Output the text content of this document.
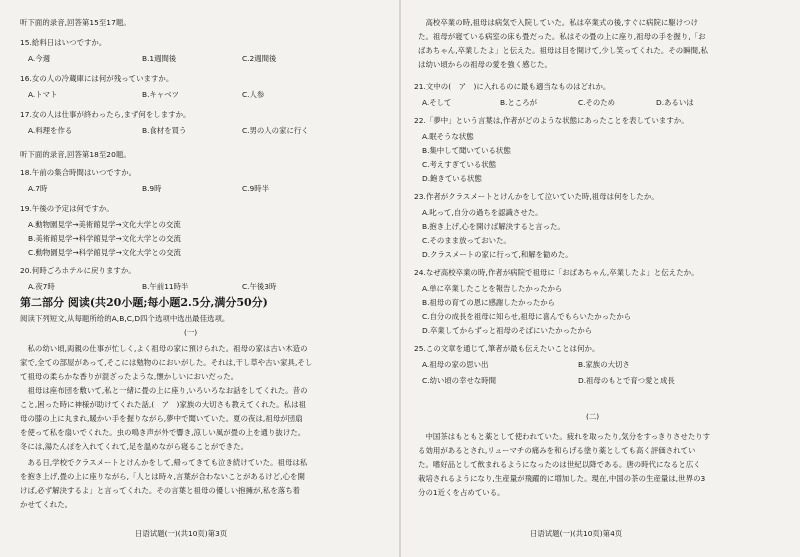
听下面的录音,回答第15至17题。
15.給料日はいつですか。
A.今週	B.1週間後	C.2週間後
16.女の人の冷蔵庫には何が残っていますか。
A.トマト	B.キャベツ	C.人参
17.女の人は仕事が終わったら,まず何をしますか。
A.料理を作る	B.食材を買う	C.男の人の家に行く
听下面的录音,回答第18至20题。
18.午前の集合時間はいつですか。
A.7時	B.9時	C.9時半
19.午後の予定は何ですか。
A.動物園見学→美術館見学→文化大学との交流
B.美術館見学→科学館見学→文化大学との交流
C.動物園見学→科学館見学→文化大学との交流
20.何時ごろホテルに戻りますか。
A.夜7時	B.午前11時半	C.午後3時
第二部分 阅读(共20小题;每小题2.5分,满分50分)
阅读下列短文,从每题所给的A,B,C,D四个选项中选出最佳选项。
(一)
　私の幼い頃,両親の仕事が忙しく,よく祖母の家に預けられた。祖母の家は古い木造の
家で,全ての部屋があって,そこには勉物のにおいがした。それは,干し草や古い家具,そし
て祖母の柔らかな香りが混ざったような,懐かしいにおいだった。
　祖母は座布団を敷いて,私と一緒に畳の上に座り,いろいろなお話をしてくれた。昔の
こと,困った時に神様が助けてくれた話,(　ア　)家族の大切さも教えてくれた。私は祖
母の膝の上に丸まれ,暖かい手を握りながら,夢中で聞いていた。夏の夜は,祖母が団扇
を使って私を扇いでくれた。虫の鳴き声が外で響き,涼しい風が畳の上を通り抜けた。
冬には,湯たんぽを入れてくれて,足を温めながら寝ることができた。
　ある日,学校でクラスメートとけんかをして,帰ってきても泣き続けていた。祖母は私
を抱き上げ,畳の上に座りながら,「人とは時々,言葉が合わないことがあるけど,心を開
けば,必ず解決するよ」と言ってくれた。その言葉と祖母の優しい抱擁が,私を落ち着
かせてくれた。
日语试题(一)(共10页)第3页
　高校卒業の時,祖母は病気で入院していた。私は卒業式の後,すぐに病院に駆けつけ
た。祖母が寝ている病室の床も畳だった。私はその畳の上に座り,祖母の手を握り,「お
ばあちゃん,卒業したよ」と伝えた。祖母は目を開けて,少し笑ってくれた。その瞬間,私
は幼い頃からの祖母の愛を強く感じた。
21.文中の(　ア　)に入れるのに最も適当なものはどれか。
A.そして	B.ところが	C.そのため	D.あるいは
22.「夢中」という言葉は,作者がどのような状態にあったことを表していますか。
A.眠そうな状態
B.集中して聞いている状態
C.考えすぎている状態
D.飽きている状態
23.作者がクラスメートとけんかをして泣いていた時,祖母は何をしたか。
A.叱って,自分の過ちを認識させた。
B.抱き上げ,心を開けば解決すると言った。
C.そのまま放っておいた。
D.クラスメートの家に行って,和解を勧めた。
24.なぜ高校卒業の時,作者が病院で祖母に「おばあちゃん,卒業したよ」と伝えたか。
A.単に卒業したことを報告したかったから
B.祖母の育ての恩に感謝したかったから
C.自分の成長を祖母に知らせ,祖母に喜んでもらいたかったから
D.卒業してからずっと祖母のそばにいたかったから
25.この文章を通じて,筆者が最も伝えたいことは何か。
A.祖母の家の思い出	B.家族の大切さ
C.幼い頃の幸せな時間	D.祖母のもとで育つ愛と成長
(二)
　中国茶はもともと薬として使われていた。疲れを取ったり,気分をすっきりさせたりす
る効用があるとされ,リューマチの痛みを和らげる塗り薬としても高く評価されてい
た。嗜好品として飲まれるようになったのは世紀以降である。唐の時代になると広く
栽培されるようになり,生産量が飛躍的に増加した。現在,中国の茶の生産量は,世界の3
分の1近くを占めている。
日语试题(一)(共10页)第4页
